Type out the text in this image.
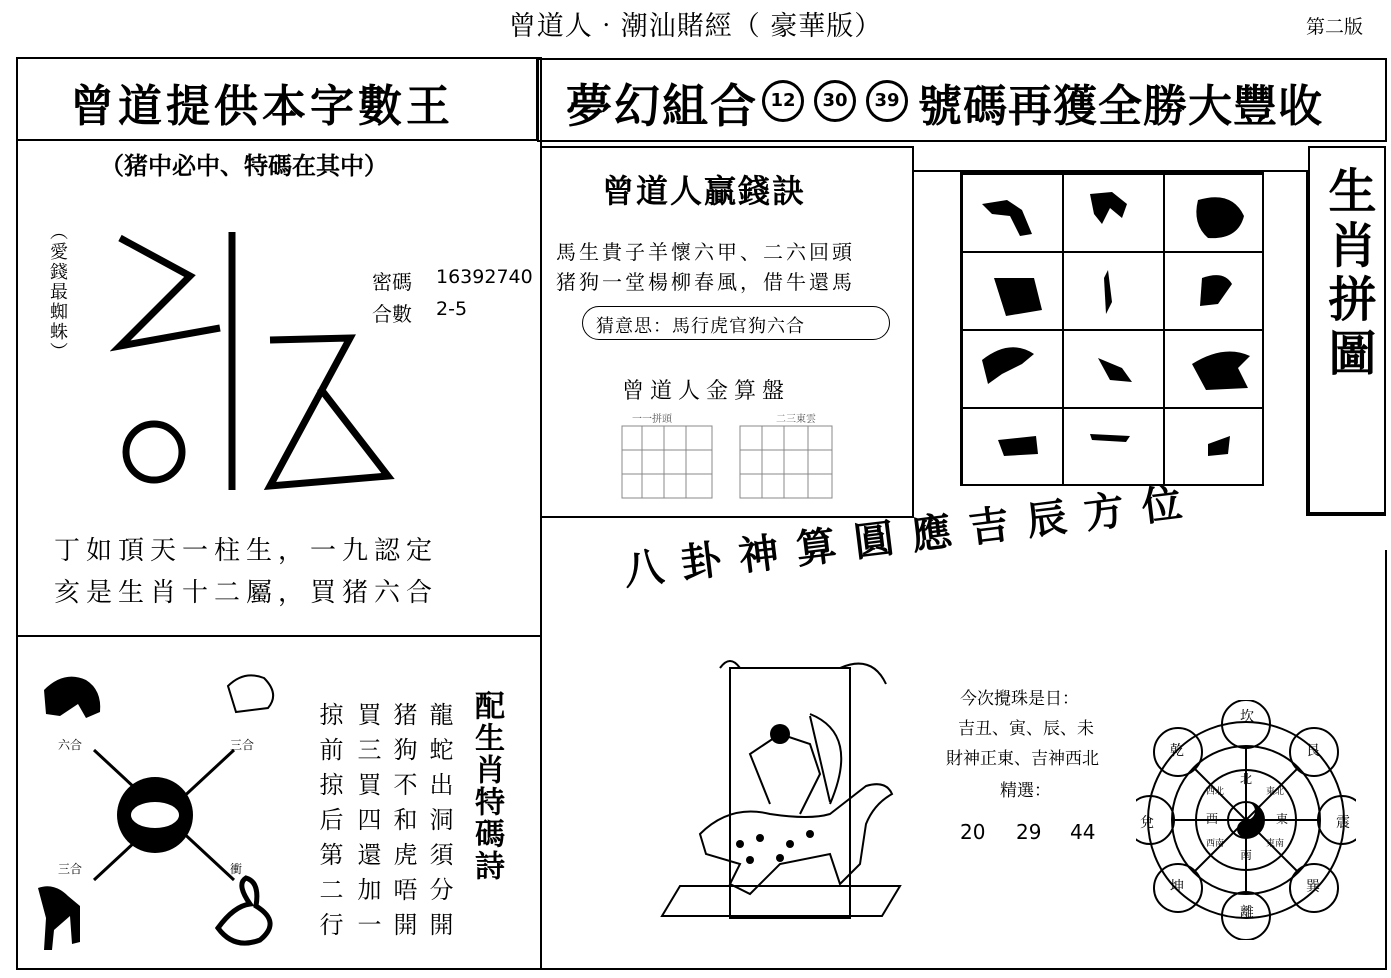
曾道人‧潮汕賭經（ 豪華版）	第二版
曾道提供本字數王
（猪中必中、特碼在其中）
（愛錢最蜘蛛）	密碼 16392740
合數 2-5
丁如頂天一柱生，一九認定
亥是生肖十二屬，買猪六合
夢幻組合 12	30	39 號碼再獲全勝大豐收
曾道人贏錢訣
馬生貴子羊懷六甲、二六回頭
猪狗一堂楊柳春風，借牛還馬
猜意思：馬行虎官狗六合
曾道人金算盤
一一拼頭	二三東雲
生肖拼圖
六合	三合
三合	衝	龍蛇出洞須分開
猪狗不和虎唔開
買三買四還加一
掠前掠后第二行	配生肖特碼詩
八卦神算圓應吉辰方位
今次攪珠是日：
吉丑、寅、辰、未
財神正東、吉神西北
精選：
20 29 44
坎
艮
震
巽
離
坤
兌
乾
北
東北
東
東南
南
西南
西
西北
